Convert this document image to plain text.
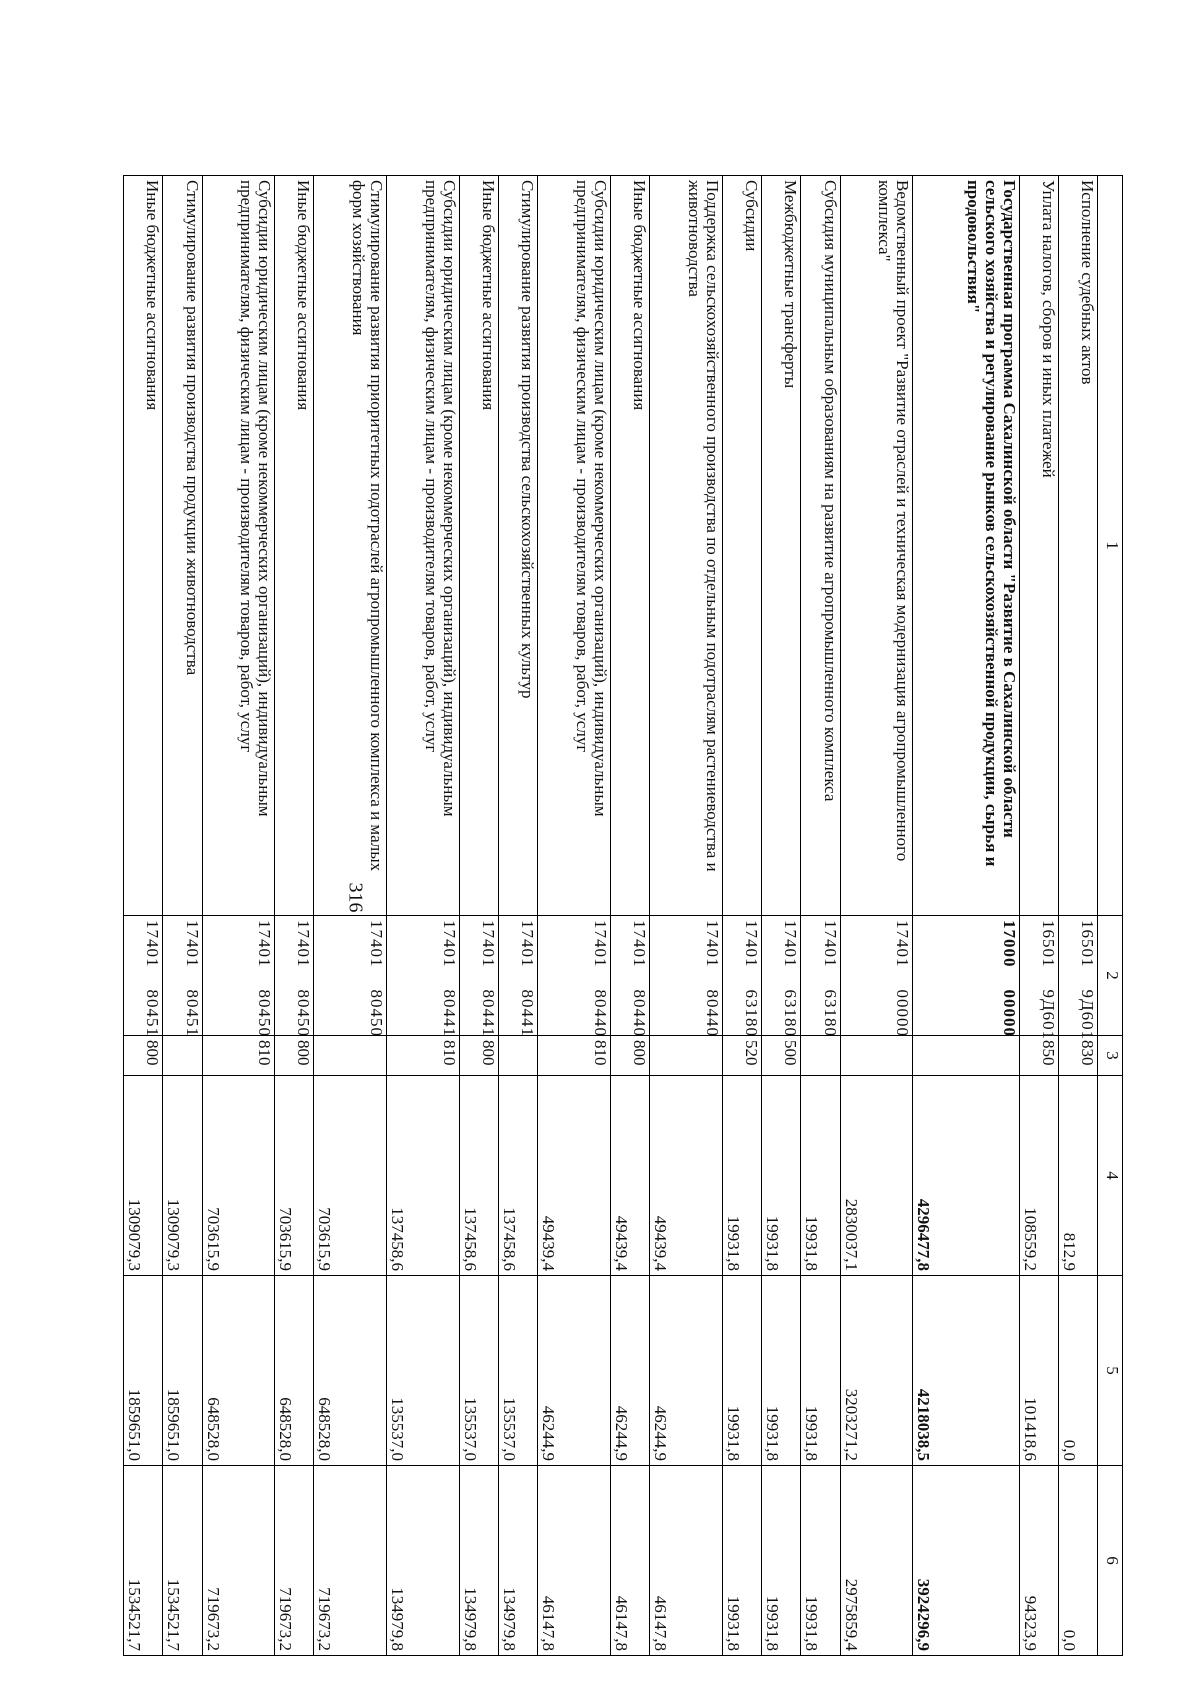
316
1	2	3	4	5	6
Исполнение судебных актов	165019Д601	830	812,9	0,0	0,0
Уплата налогов, сборов и иных платежей	165019Д601	850	108559,2	101418,6	94323,9
Государственная программа Сахалинской области "Развитие в Сахалинской области сельского хозяйства и регулирование рынков сельскохозяйственной продукции, сырья и продовольствия"	1700000000		4296477,8	4218038,5	3924296,9
Ведомственный проект "Развитие отраслей и техническая модернизация агропромышленного комплекса"	1740100000		2830037,1	3203271,2	2975859,4
Субсидия муниципальным образованиям на развитие агропромышленного комплекса	1740163180		19931,8	19931,8	19931,8
Межбюджетные трансферты	1740163180	500	19931,8	19931,8	19931,8
Субсидии	1740163180	520	19931,8	19931,8	19931,8
Поддержка сельскохозяйственного производства по отдельным подотраслям растениеводства и животноводства	1740180440		49439,4	46244,9	46147,8
Иные бюджетные ассигнования	1740180440	800	49439,4	46244,9	46147,8
Субсидии юридическим лицам (кроме некоммерческих организаций), индивидуальным предпринимателям, физическим лицам - производителям товаров, работ, услуг	1740180440	810	49439,4	46244,9	46147,8
Стимулирование развития производства сельскохозяйственных культур	1740180441		137458,6	135537,0	134979,8
Иные бюджетные ассигнования	1740180441	800	137458,6	135537,0	134979,8
Субсидии юридическим лицам (кроме некоммерческих организаций), индивидуальным предпринимателям, физическим лицам - производителям товаров, работ, услуг	1740180441	810	137458,6	135537,0	134979,8
Стимулирование развития приоритетных подотраслей агропромышленного комплекса и малых форм хозяйствования	1740180450		703615,9	648528,0	719673,2
Иные бюджетные ассигнования	1740180450	800	703615,9	648528,0	719673,2
Субсидии юридическим лицам (кроме некоммерческих организаций), индивидуальным предпринимателям, физическим лицам - производителям товаров, работ, услуг	1740180450	810	703615,9	648528,0	719673,2
Стимулирование развития производства продукции животноводства	1740180451		1309079,3	1859651,0	1534521,7
Иные бюджетные ассигнования	1740180451	800	1309079,3	1859651,0	1534521,7
